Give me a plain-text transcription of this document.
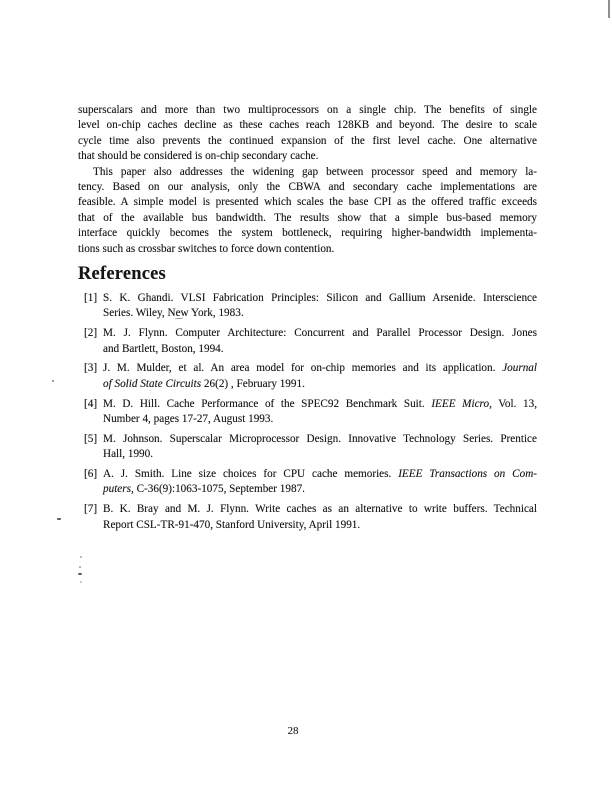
superscalars and more than two multiprocessors on a single chip. The benefits of single
level on-chip caches decline as these caches reach 128KB and beyond. The desire to scale
cycle time also prevents the continued expansion of the first level cache. One alternative
that should be considered is on-chip secondary cache.
This paper also addresses the widening gap between processor speed and memory la-
tency. Based on our analysis, only the CBWA and secondary cache implementations are
feasible. A simple model is presented which scales the base CPI as the offered traffic exceeds
that of the available bus bandwidth. The results show that a simple bus-based memory
interface quickly becomes the system bottleneck, requiring higher-bandwidth implementa-
tions such as crossbar switches to force down contention.
References
[1] S. K. Ghandi. VLSI Fabrication Principles: Silicon and Gallium Arsenide. Interscience
Series. Wiley, New York, 1983.
[2] M. J. Flynn. Computer Architecture: Concurrent and Parallel Processor Design. Jones
and Bartlett, Boston, 1994.
[3] J. M. Mulder, et al. An area model for on-chip memories and its application. Journal
of Solid State Circuits 26(2) , February 1991.
[4] M. D. Hill. Cache Performance of the SPEC92 Benchmark Suit. IEEE Micro, Vol. 13,
Number 4, pages 17-27, August 1993.
[5] M. Johnson. Superscalar Microprocessor Design. Innovative Technology Series. Prentice
Hall, 1990.
[6] A. J. Smith. Line size choices for CPU cache memories. IEEE Transactions on Com-
puters, C-36(9):1063-1075, September 1987.
[7] B. K. Bray and M. J. Flynn. Write caches as an alternative to write buffers. Technical
Report CSL-TR-91-470, Stanford University, April 1991.
28
